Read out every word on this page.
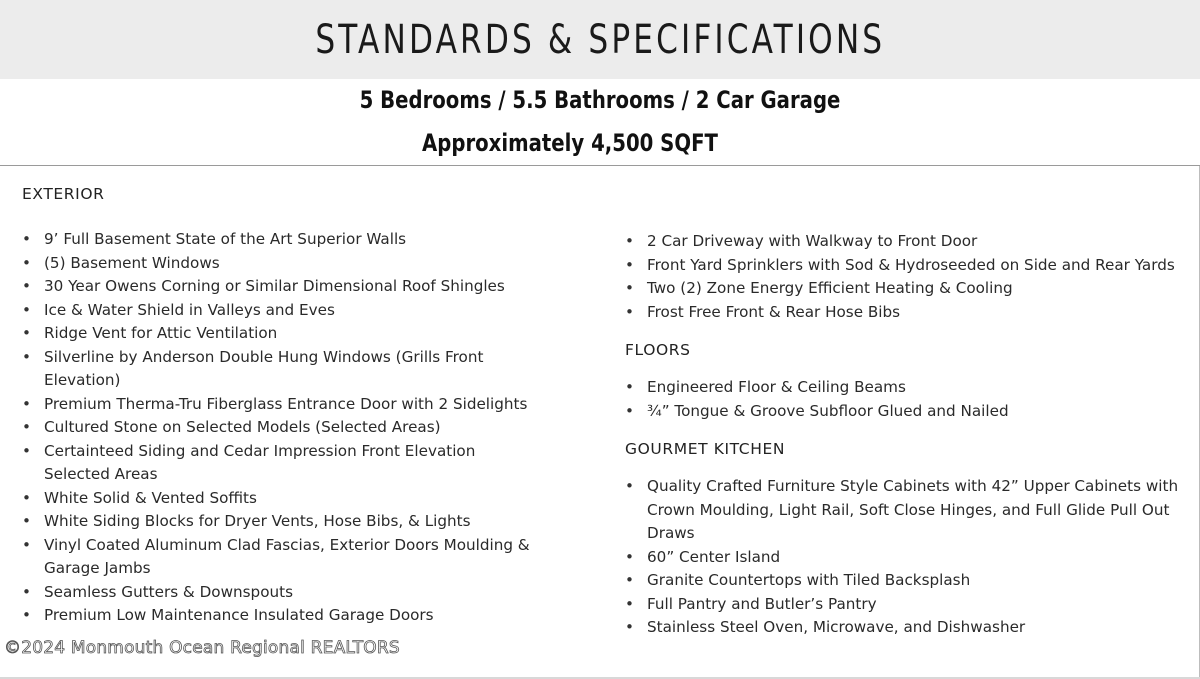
STANDARDS & SPECIFICATIONS
5 Bedrooms / 5.5 Bathrooms / 2 Car Garage
Approximately 4,500 SQFT
EXTERIOR
• 9’ Full Basement State of the Art Superior Walls
• (5) Basement Windows
• 30 Year Owens Corning or Similar Dimensional Roof Shingles
• Ice & Water Shield in Valleys and Eves
• Ridge Vent for Attic Ventilation
• Silverline by Anderson Double Hung Windows (Grills Front Elevation)
• Premium Therma-Tru Fiberglass Entrance Door with 2 Sidelights
• Cultured Stone on Selected Models (Selected Areas)
• Certainteed Siding and Cedar Impression Front Elevation Selected Areas
• White Solid & Vented Soffits
• White Siding Blocks for Dryer Vents, Hose Bibs, & Lights
• Vinyl Coated Aluminum Clad Fascias, Exterior Doors Moulding & Garage Jambs
• Seamless Gutters & Downspouts
• Premium Low Maintenance Insulated Garage Doors
• 2 Car Driveway with Walkway to Front Door
• Front Yard Sprinklers with Sod & Hydroseeded on Side and Rear Yards
• Two (2) Zone Energy Efficient Heating & Cooling
• Frost Free Front & Rear Hose Bibs
FLOORS
• Engineered Floor & Ceiling Beams
• ¾” Tongue & Groove Subfloor Glued and Nailed
GOURMET KITCHEN
• Quality Crafted Furniture Style Cabinets with 42” Upper Cabinets with Crown Moulding, Light Rail, Soft Close Hinges, and Full Glide Pull Out Draws
• 60” Center Island
• Granite Countertops with Tiled Backsplash
• Full Pantry and Butler’s Pantry
• Stainless Steel Oven, Microwave, and Dishwasher
©2024 Monmouth Ocean Regional REALTORS
